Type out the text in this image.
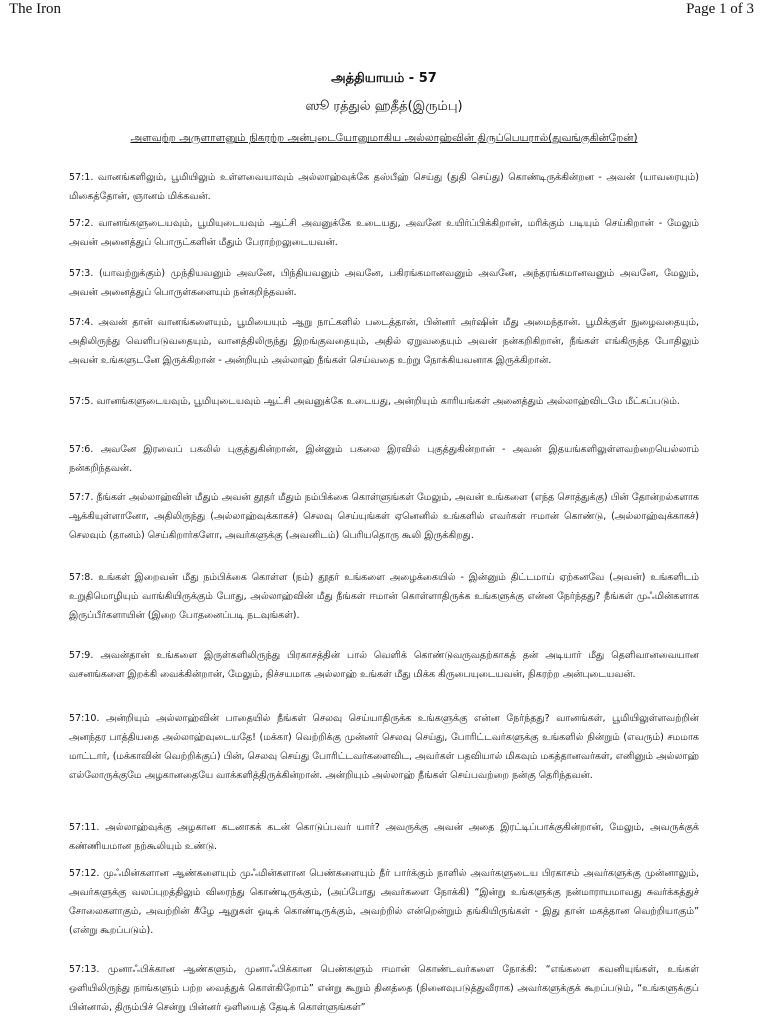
The Iron	Page 1 of 3
அத்தியாயம் - 57
ஸூ ரத்துல் ஹதீத்(இரும்பு)
அளவற்ற அருளாளனும் நிகரற்ற அன்புடையோனுமாகிய அல்லாஹ்வின் திருப்பெயரால்(துவங்குகின்றேன்)
57:1. வானங்களிலும், பூமியிலும் உள்ளவையாவும் அல்லாஹ்வுக்கே தஸ்பீஹ் செய்து (துதி செய்து) கொண்டிருக்கின்றன - அவன் (யாவரையும்) மிகைத்தோன், ஞானம் மிக்கவன்.
57:2. வானங்களுடையவும், பூமியுடையவும் ஆட்சி அவனுக்கே உடையது, அவனே உயிர்ப்பிக்கிறான், மரிக்கும் படியும் செய்கிறான் - மேலும் அவன் அனைத்துப் பொருட்களின் மீதும் பேராற்றலுடையவன்.
57:3. (யாவற்றுக்கும்) முந்தியவனும் அவனே, பிந்தியவனும் அவனே, பகிரங்கமானவனும் அவனே, அந்தரங்கமானவனும் அவனே, மேலும், அவன் அனைத்துப் பொருள்களையும் நன்கறிந்தவன்.
57:4. அவன் தான் வானங்களையும், பூமியையும் ஆறு நாட்களில் படைத்தான், பின்னர் அர்ஷின் மீது அமைந்தான். பூமிக்குள் நுழைவதையும், அதிலிருந்து வெளிபடுவதையும், வானத்திலிருந்து இறங்குவதையும், அதில் ஏறுவதையும் அவன் நன்கறிகிறான், நீங்கள் எங்கிருந்த போதிலும் அவன் உங்களுடனே இருக்கிறான் - அன்றியும் அல்லாஹ் நீங்கள் செய்வதை உற்று நோக்கியவனாக இருக்கிறான்.
57:5. வானங்களுடையவும், பூமியுடையவும் ஆட்சி அவனுக்கே உடையது, அன்றியும் காரியங்கள் அனைத்தும் அல்லாஹ்விடமே மீட்கப்படும்.
57:6. அவனே இரவைப் பகலில் புகுத்துகின்றான், இன்னும் பகலை இரவில் புகுத்துகின்றான் - அவன் இதயங்களிலுள்ளவற்றையெல்லாம் நன்கறிந்தவன்.
57:7. நீங்கள் அல்லாஹ்வின் மீதும் அவன் தூதர் மீதும் நம்பிக்கை கொள்ளுங்கள் மேலும், அவன் உங்களை (எந்த சொத்துக்கு) பின் தோன்றல்களாக ஆக்கியுள்ளானோ, அதிலிருந்து (அல்லாஹ்வுக்காகச்) செலவு செய்யுங்கள் ஏனெனில் உங்களில் எவர்கள் ஈமான் கொண்டு, (அல்லாஹ்வுக்காகச்) செலவும் (தானம்) செய்கிறார்களோ, அவர்களுக்கு (அவனிடம்) பெரியதொரு கூலி இருக்கிறது.
57:8. உங்கள் இறைவன் மீது நம்பிக்கை கொள்ள (நம்) தூதர் உங்களை அழைக்கையில் - இன்னும் திட்டமாய் ஏற்கனவே (அவன்) உங்களிடம் உறுதிமொழியும் வாங்கியிருக்கும் போது, அல்லாஹ்வின் மீது நீங்கள் ஈமான் கொள்ளாதிருக்க உங்களுக்கு என்ன நேர்ந்தது? நீங்கள் முஃமின்களாக இருப்பீர்களாயின் (இறை போதனைப்படி நடவுங்கள்).
57:9. அவன்தான் உங்களை இருள்களிலிருந்து பிரகாசத்தின் பால் வெளிக் கொண்டுவருவதற்காகத் தன் அடியார் மீது தெளிவானவையான வசனங்களை இறக்கி வைக்கின்றான், மேலும், நிச்சயமாக அல்லாஹ் உங்கள் மீது மிக்க கிருபையுடையவன், நிகரற்ற அன்புடையவன்.
57:10. அன்றியும் அல்லாஹ்வின் பாதையில் நீங்கள் செலவு செய்யாதிருக்க உங்களுக்கு என்ன நேர்ந்தது? வானங்கள், பூமியிலுள்ளவற்றின் அனந்தர பாத்தியதை அல்லாஹ்வுடையதே! (மக்கா) வெற்றிக்கு முன்னர் செலவு செய்து, போரிட்டவர்களுக்கு உங்களில் நின்றும் (எவரும்) சமமாக மாட்டார், (மக்காவின் வெற்றிக்குப்) பின், செலவு செய்து போரிட்டவர்களைவிட, அவர்கள் பதவியால் மிகவும் மகத்தானவர்கள், எனினும் அல்லாஹ் எல்லோருக்குமே அழகானதையே வாக்களித்திருக்கின்றான். அன்றியும் அல்லாஹ் நீங்கள் செய்பவற்றை நன்கு தெரிந்தவன்.
57:11. அல்லாஹ்வுக்கு அழகான கடனாகக் கடன் கொடுப்பவர் யார்? அவருக்கு அவன் அதை இரட்டிப்பாக்குகின்றான், மேலும், அவருக்குக் கண்ணியமான நற்கூலியும் உண்டு.
57:12. முஃமின்களான ஆண்களையும் முஃமின்களான பெண்களையும் நீர் பார்க்கும் நாளில் அவர்களுடைய பிரகாசம் அவர்களுக்கு முன்னாலும், அவர்களுக்கு வலப்புறத்திலும் விரைந்து கொண்டிருக்கும், (அப்போது அவர்களை நோக்கி) “இன்று உங்களுக்கு நன்மாராயமாவது சுவர்க்கத்துச் சோலைகளாகும், அவற்றின் கீழே ஆறுகள் ஓடிக் கொண்டிருக்கும், அவற்றில் என்றென்றும் தங்கியிருங்கள் - இது தான் மகத்தான வெற்றியாகும்” (என்று கூறப்படும்).
57:13. முனாஃபிக்கான ஆண்களும், முனாஃபிக்கான பெண்களும் ஈமான் கொண்டவர்களை நோக்கி: “எங்களை கவனியுங்கள், உங்கள் ஒளியிலிருந்து நாங்களும் பற்ற வைத்துக் கொள்கிறோம்” என்று கூறும் தினத்தை (நினைவுபடுத்துவீராக) அவர்களுக்குக் கூறப்படும், “உங்களுக்குப் பின்னால், திரும்பிச் சென்று பின்னர் ஒளியைத் தேடிக் கொள்ளுங்கள்”
